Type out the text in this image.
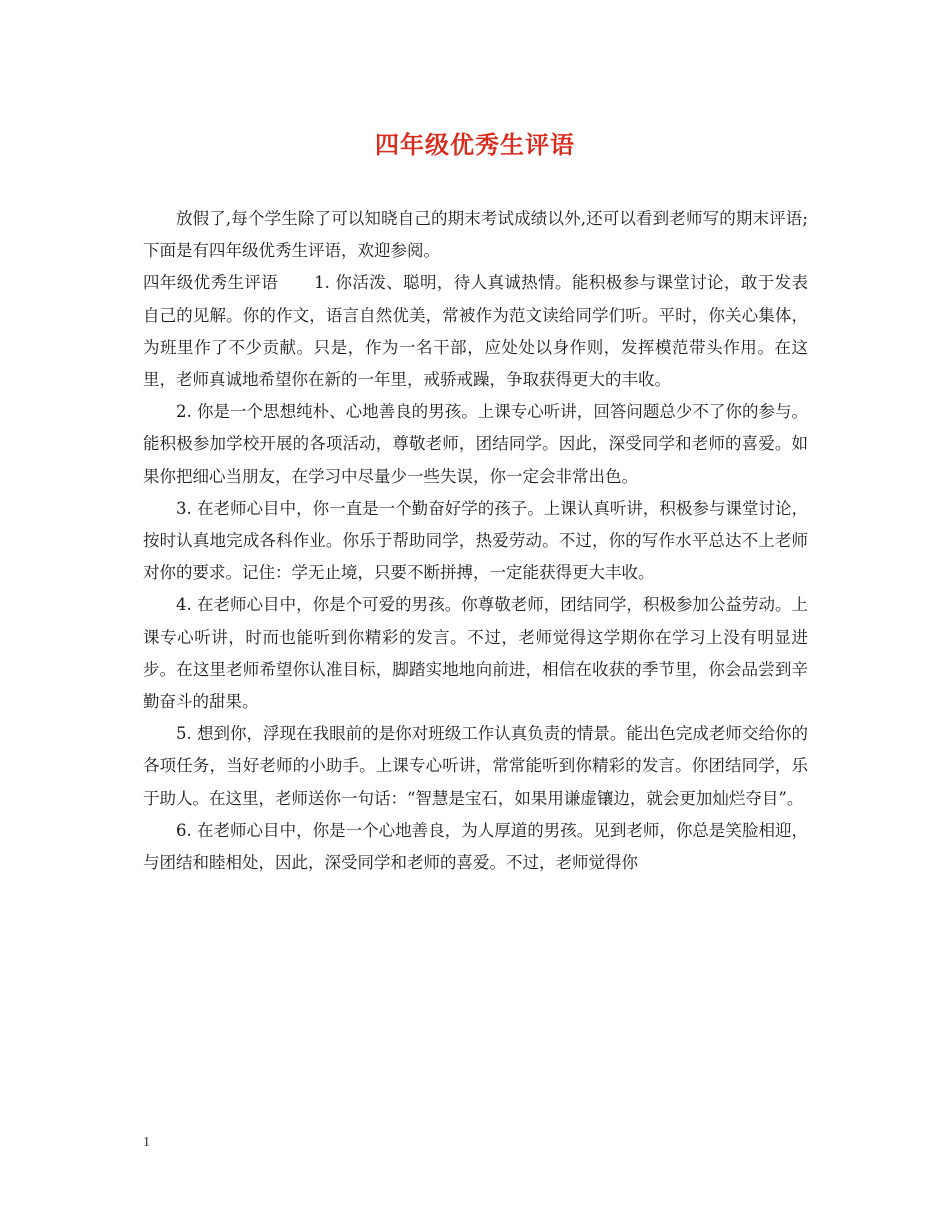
四年级优秀生评语

放假了,每个学生除了可以知晓自己的期末考试成绩以外,还可以看到老师写的期末评语;下面是有四年级优秀生评语，欢迎参阅。

四年级优秀生评语 1. 你活泼、聪明，待人真诚热情。能积极参与课堂讨论，敢于发表自己的见解。你的作文，语言自然优美，常被作为范文读给同学们听。平时，你关心集体，为班里作了不少贡献。只是，作为一名干部，应处处以身作则，发挥模范带头作用。在这里，老师真诚地希望你在新的一年里，戒骄戒躁，争取获得更大的丰收。

2. 你是一个思想纯朴、心地善良的男孩。上课专心听讲，回答问题总少不了你的参与。能积极参加学校开展的各项活动，尊敬老师，团结同学。因此，深受同学和老师的喜爱。如果你把细心当朋友，在学习中尽量少一些失误，你一定会非常出色。

3. 在老师心目中，你一直是一个勤奋好学的孩子。上课认真听讲，积极参与课堂讨论，按时认真地完成各科作业。你乐于帮助同学，热爱劳动。不过，你的写作水平总达不上老师对你的要求。记住：学无止境，只要不断拼搏，一定能获得更大丰收。

4. 在老师心目中，你是个可爱的男孩。你尊敬老师，团结同学，积极参加公益劳动。上课专心听讲，时而也能听到你精彩的发言。不过，老师觉得这学期你在学习上没有明显进步。在这里老师希望你认准目标，脚踏实地地向前进，相信在收获的季节里，你会品尝到辛勤奋斗的甜果。

5. 想到你，浮现在我眼前的是你对班级工作认真负责的情景。能出色完成老师交给你的各项任务，当好老师的小助手。上课专心听讲，常常能听到你精彩的发言。你团结同学，乐于助人。在这里，老师送你一句话：“智慧是宝石，如果用谦虚镶边，就会更加灿烂夺目”。

6. 在老师心目中，你是一个心地善良，为人厚道的男孩。见到老师，你总是笑脸相迎，与团结和睦相处，因此，深受同学和老师的喜爱。不过，老师觉得你

1
